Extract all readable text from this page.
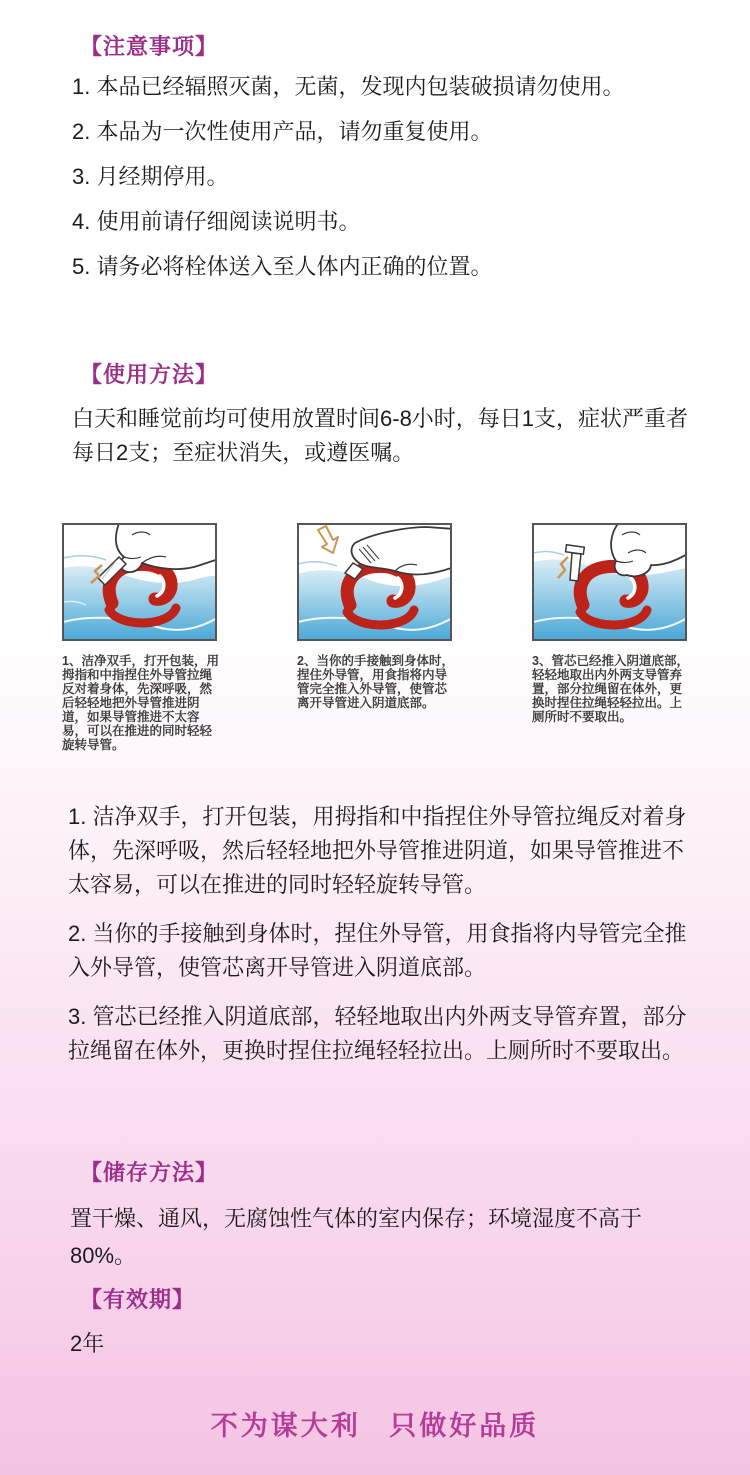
【注意事项】
1. 本品已经辐照灭菌，无菌，发现内包装破损请勿使用。
2. 本品为一次性使用产品，请勿重复使用。
3. 月经期停用。
4. 使用前请仔细阅读说明书。
5. 请务必将栓体送入至人体内正确的位置。
【使用方法】
白天和睡觉前均可使用放置时间6-8小时，每日1支，症状严重者每日2支；至症状消失，或遵医嘱。
1、洁净双手，打开包装，用拇指和中指捏住外导管拉绳反对着身体，先深呼吸，然后轻轻地把外导管推进阴道，如果导管推进不太容易，可以在推进的同时轻轻旋转导管。
2、当你的手接触到身体时，捏住外导管，用食指将内导管完全推入外导管，使管芯离开导管进入阴道底部。
3、管芯已经推入阴道底部，轻轻地取出内外两支导管弃置，部分拉绳留在体外，更换时捏住拉绳轻轻拉出。上厕所时不要取出。

1. 洁净双手，打开包装，用拇指和中指捏住外导管拉绳反对着身体，先深呼吸，然后轻轻地把外导管推进阴道，如果导管推进不太容易，可以在推进的同时轻轻旋转导管。

2. 当你的手接触到身体时，捏住外导管，用食指将内导管完全推入外导管，使管芯离开导管进入阴道底部。

3. 管芯已经推入阴道底部，轻轻地取出内外两支导管弃置，部分拉绳留在体外，更换时捏住拉绳轻轻拉出。上厕所时不要取出。

【储存方法】
置干燥、通风，无腐蚀性气体的室内保存；环境湿度不高于80%。
【有效期】
2年
不为谋大利 只做好品质
